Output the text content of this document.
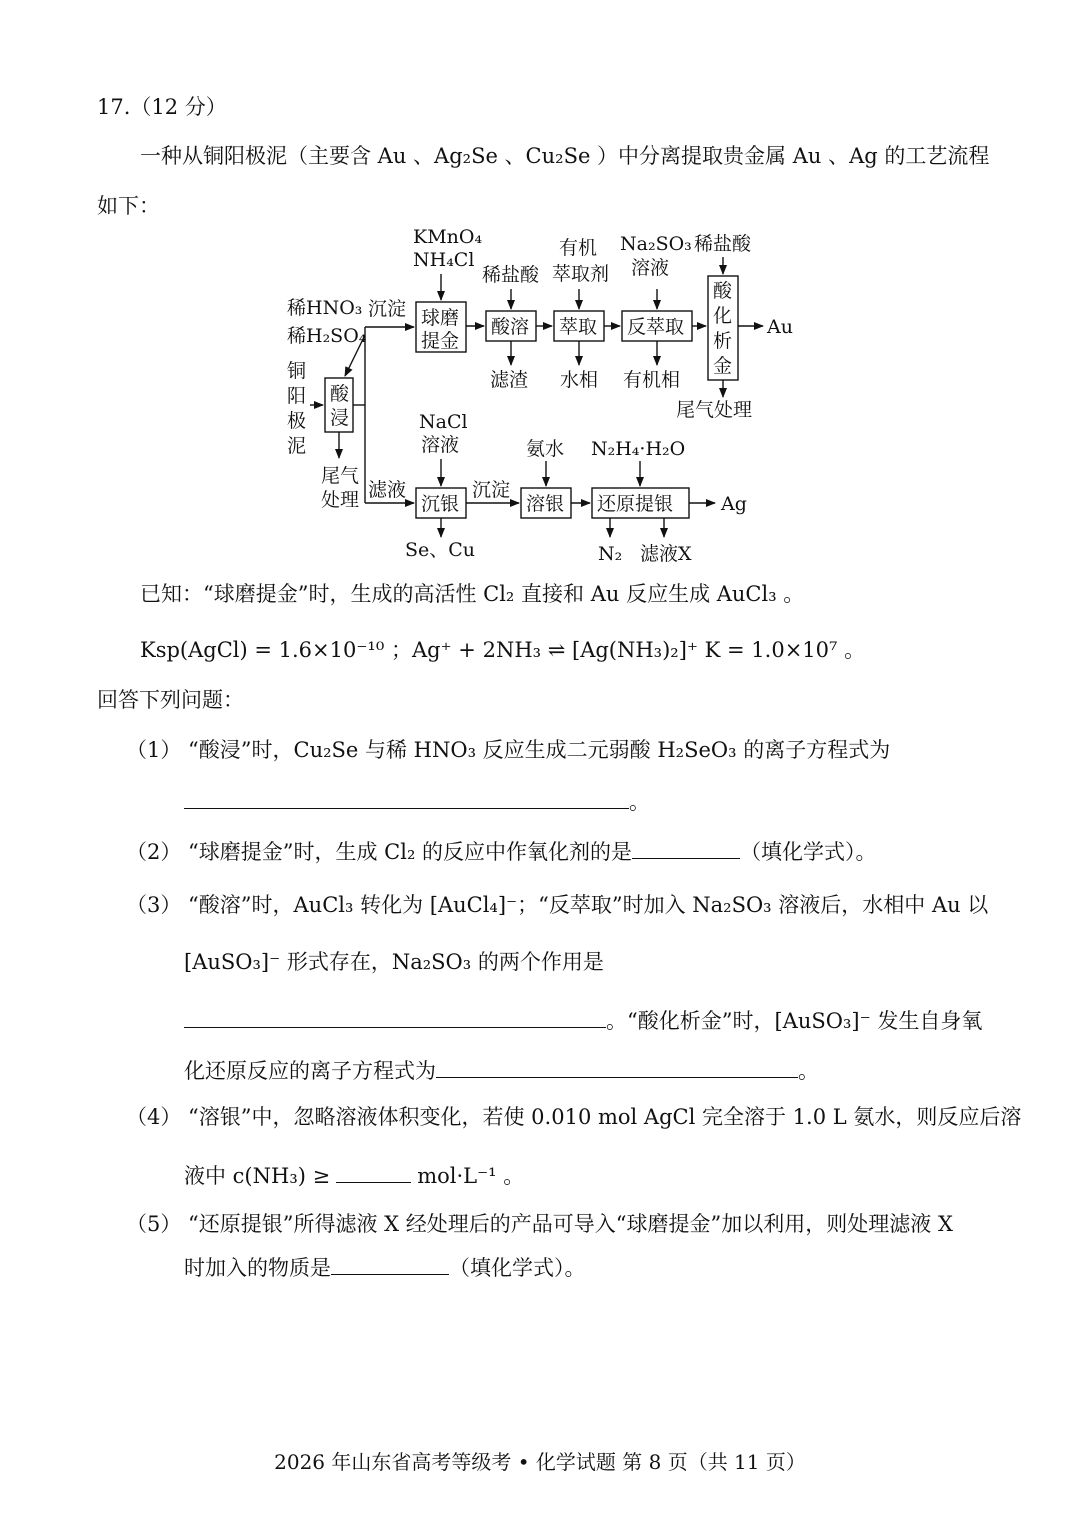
17.（12 分）
一种从铜阳极泥（主要含 Au 、Ag₂Se 、Cu₂Se ）中分离提取贵金属 Au 、Ag 的工艺流程
如下：
KMnO₄
NH₄Cl
稀HNO₃
稀H₂SO₄
沉淀 球磨
提金
稀盐酸
酸溶
有机
萃取剂
萃取
Na₂SO₃
溶液
反萃取
稀盐酸
酸
化
析
金
Au
滤渣 水相 有机相
尾气处理
铜
阳
极
泥
酸
浸
尾气
处理 滤液
NaCl
溶液
沉银
沉淀
氨水
溶银
N₂H₄·H₂O
还原提银	Ag
Se、Cu	N₂ 滤液X
已知：“球磨提金”时，生成的高活性 Cl₂ 直接和 Au 反应生成 AuCl₃ 。
Ksp(AgCl) = 1.6×10⁻¹⁰ ；Ag⁺ + 2NH₃ ⇌ [Ag(NH₃)₂]⁺ K = 1.0×10⁷ 。
回答下列问题：
（1） “酸浸”时，Cu₂Se 与稀 HNO₃ 反应生成二元弱酸 H₂SeO₃ 的离子方程式为
。
（2） “球磨提金”时，生成 Cl₂ 的反应中作氧化剂的是	（填化学式）。
（3） “酸溶”时，AuCl₃ 转化为 [AuCl₄]⁻；“反萃取”时加入 Na₂SO₃ 溶液后，水相中 Au 以
[AuSO₃]⁻ 形式存在，Na₂SO₃ 的两个作用是
。“酸化析金”时，[AuSO₃]⁻ 发生自身氧
化还原反应的离子方程式为	。
（4） “溶银”中，忽略溶液体积变化，若使 0.010 mol AgCl 完全溶于 1.0 L 氨水，则反应后溶
液中 c(NH₃) ≥	mol·L⁻¹ 。
（5） “还原提银”所得滤液 X 经处理后的产品可导入“球磨提金”加以利用，则处理滤液 X
时加入的物质是	（填化学式）。
2026 年山东省高考等级考 • 化学试题 第 8 页（共 11 页）
